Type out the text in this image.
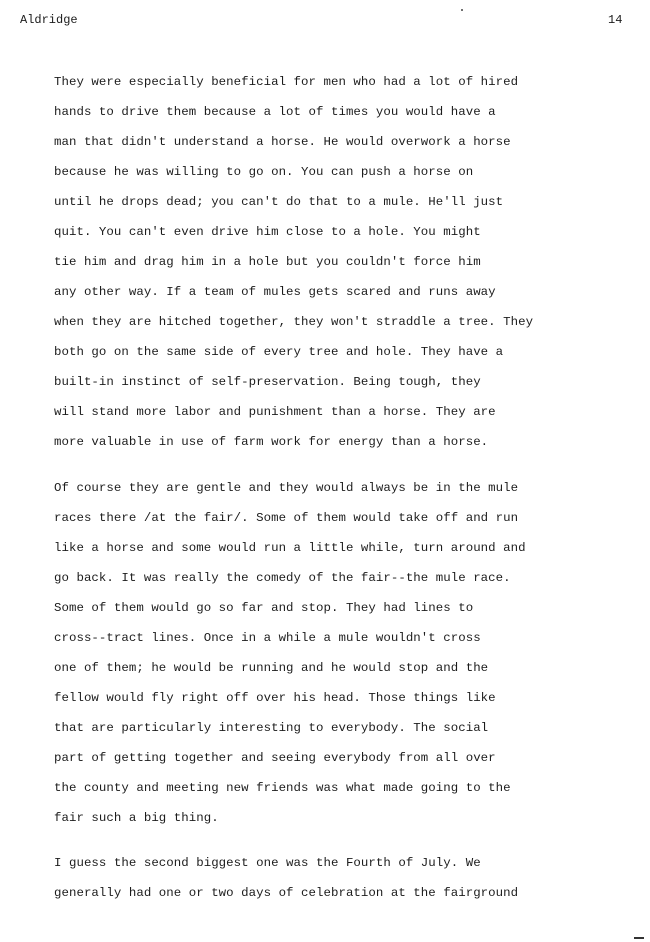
Aldridge	14

They were especially beneficial for men who had a lot of hired
hands to drive them because a lot of times you would have a
man that didn't understand a horse. He would overwork a horse
because he was willing to go on. You can push a horse on
until he drops dead; you can't do that to a mule. He'll just
quit. You can't even drive him close to a hole. You might
tie him and drag him in a hole but you couldn't force him
any other way. If a team of mules gets scared and runs away
when they are hitched together, they won't straddle a tree. They
both go on the same side of every tree and hole. They have a
built-in instinct of self-preservation. Being tough, they
will stand more labor and punishment than a horse. They are
more valuable in use of farm work for energy than a horse.

Of course they are gentle and they would always be in the mule
races there /at the fair/. Some of them would take off and run
like a horse and some would run a little while, turn around and
go back. It was really the comedy of the fair--the mule race.
Some of them would go so far and stop. They had lines to
cross--tract lines. Once in a while a mule wouldn't cross
one of them; he would be running and he would stop and the
fellow would fly right off over his head. Those things like
that are particularly interesting to everybody. The social
part of getting together and seeing everybody from all over
the county and meeting new friends was what made going to the
fair such a big thing.

I guess the second biggest one was the Fourth of July. We
generally had one or two days of celebration at the fairground
